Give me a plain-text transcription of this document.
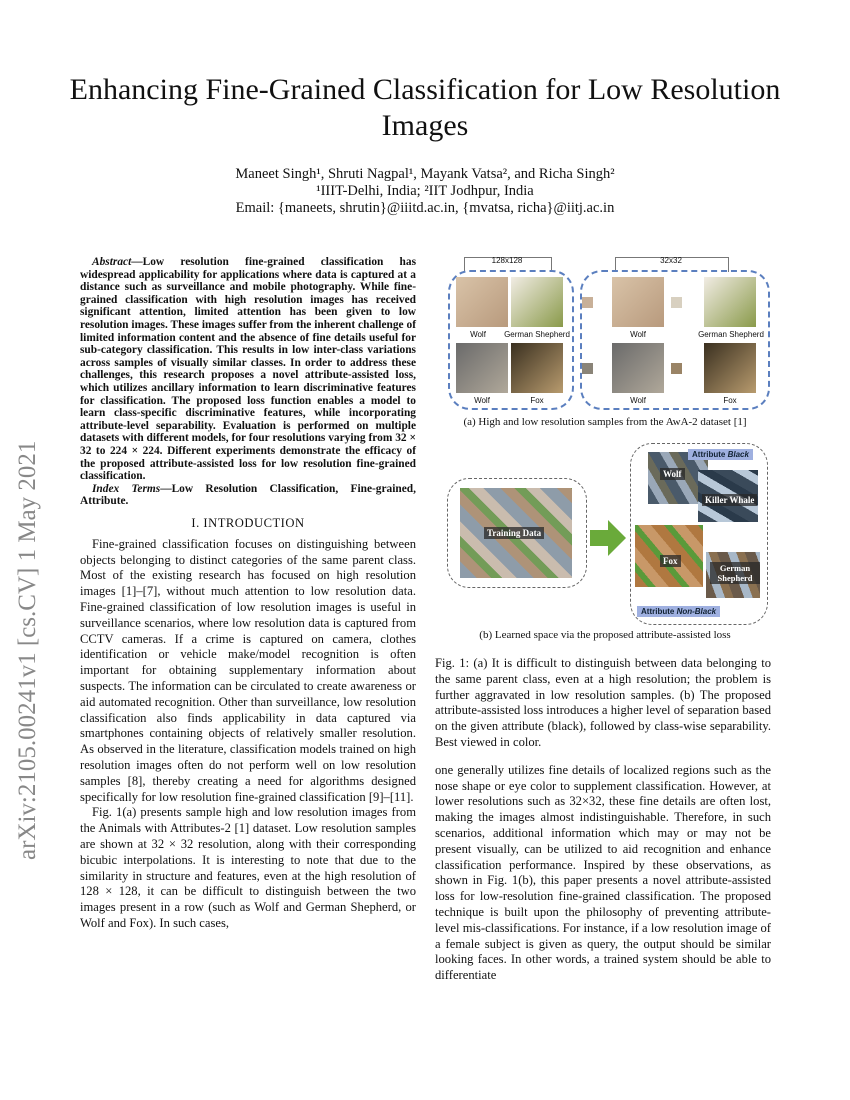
arXiv:2105.00241v1 [cs.CV] 1 May 2021
Enhancing Fine-Grained Classification for Low Resolution Images
Maneet Singh¹, Shruti Nagpal¹, Mayank Vatsa², and Richa Singh²
¹IIIT-Delhi, India; ²IIT Jodhpur, India
Email: {maneets, shrutin}@iiitd.ac.in, {mvatsa, richa}@iitj.ac.in

Abstract—Low resolution fine-grained classification has widespread applicability for applications where data is captured at a distance such as surveillance and mobile photography. While fine-grained classification with high resolution images has received significant attention, limited attention has been given to low resolution images. These images suffer from the inherent challenge of limited information content and the absence of fine details useful for sub-category classification. This results in low inter-class variations across samples of visually similar classes. In order to address these challenges, this research proposes a novel attribute-assisted loss, which utilizes ancillary information to learn discriminative features for classification. The proposed loss function enables a model to learn class-specific discriminative features, while incorporating attribute-level separability. Evaluation is performed on multiple datasets with different models, for four resolutions varying from 32 × 32 to 224 × 224. Different experiments demonstrate the efficacy of the proposed attribute-assisted loss for low resolution fine-grained classification.

Index Terms—Low Resolution Classification, Fine-grained, Attribute.

I. INTRODUCTION

Fine-grained classification focuses on distinguishing between objects belonging to distinct categories of the same parent class. Most of the existing research has focused on high resolution images [1]–[7], without much attention to low resolution data. Fine-grained classification of low resolution images is useful in surveillance scenarios, where low resolution data is captured from CCTV cameras. If a crime is captured on camera, clothes identification or vehicle make/model recognition is often important for obtaining supplementary information about suspects. The information can be circulated to create awareness or aid automated recognition. Other than surveillance, low resolution classification also finds applicability in data captured via smartphones containing objects of relatively smaller resolution. As observed in the literature, classification models trained on high resolution images often do not perform well on low resolution samples [8], thereby creating a need for algorithms designed specifically for low resolution fine-grained classification [9]–[11].

Fig. 1(a) presents sample high and low resolution images from the Animals with Attributes-2 [1] dataset. Low resolution samples are shown at 32 × 32 resolution, along with their corresponding bicubic interpolations. It is interesting to note that due to the similarity in structure and features, even at the high resolution of 128 × 128, it can be difficult to distinguish between the two images present in a row (such as Wolf and German Shepherd, or Wolf and Fox). In such cases,

128x128	32x32
Wolf	German Shepherd
Wolf	Fox
Wolf	German Shepherd
Wolf	Fox
(a) High and low resolution samples from the AwA-2 dataset [1]
Training Data
Attribute Black
Wolf
Killer Whale
Fox
German Shepherd
Attribute Non-Black
(b) Learned space via the proposed attribute-assisted loss
Fig. 1: (a) It is difficult to distinguish between data belonging to the same parent class, even at a high resolution; the problem is further aggravated in low resolution samples. (b) The proposed attribute-assisted loss introduces a higher level of separation based on the given attribute (black), followed by class-wise separability. Best viewed in color.

one generally utilizes fine details of localized regions such as the nose shape or eye color to supplement classification. However, at lower resolutions such as 32×32, these fine details are often lost, making the images almost indistinguishable. Therefore, in such scenarios, additional information which may or may not be present visually, can be utilized to aid recognition and enhance classification performance. Inspired by these observations, as shown in Fig. 1(b), this paper presents a novel attribute-assisted loss for low-resolution fine-grained classification. The proposed technique is built upon the philosophy of preventing attribute-level mis-classifications. For instance, if a low resolution image of a female subject is given as query, the output should be similar looking faces. In other words, a trained system should be able to differentiate
